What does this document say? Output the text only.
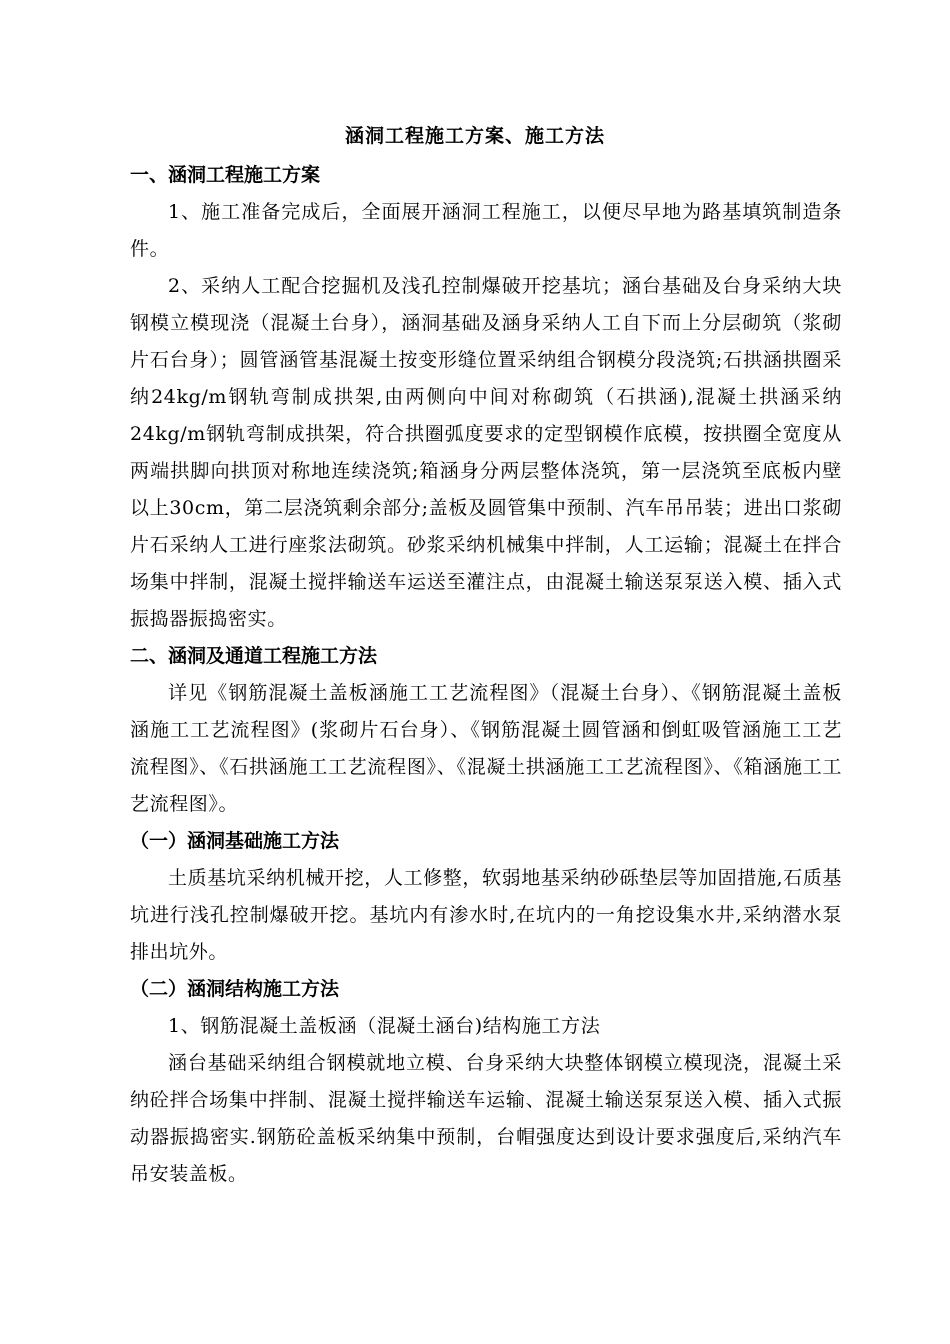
涵洞工程施工方案、施工方法
一、涵洞工程施工方案

1、施工准备完成后，全面展开涵洞工程施工，以便尽早地为路基填筑制造条件。

2、采纳人工配合挖掘机及浅孔控制爆破开挖基坑；涵台基础及台身采纳大块钢模立模现浇（混凝土台身），涵洞基础及涵身采纳人工自下而上分层砌筑（浆砌片石台身）；圆管涵管基混凝土按变形缝位置采纳组合钢模分段浇筑;石拱涵拱圈采纳24kg/m钢轨弯制成拱架,由两侧向中间对称砌筑（石拱涵),混凝土拱涵采纳24kg/m钢轨弯制成拱架，符合拱圈弧度要求的定型钢模作底模，按拱圈全宽度从两端拱脚向拱顶对称地连续浇筑;箱涵身分两层整体浇筑，第一层浇筑至底板内壁以上30cm，第二层浇筑剩余部分;盖板及圆管集中预制、汽车吊吊装；进出口浆砌片石采纳人工进行座浆法砌筑。砂浆采纳机械集中拌制，人工运输；混凝土在拌合场集中拌制，混凝土搅拌输送车运送至灌注点，由混凝土输送泵泵送入模、插入式振捣器振捣密实。

二、涵洞及通道工程施工方法

详见《钢筋混凝土盖板涵施工工艺流程图》（混凝土台身）、《钢筋混凝土盖板涵施工工艺流程图》(浆砌片石台身）、《钢筋混凝土圆管涵和倒虹吸管涵施工工艺流程图》、《石拱涵施工工艺流程图》、《混凝土拱涵施工工艺流程图》、《箱涵施工工艺流程图》。

（一）涵洞基础施工方法

土质基坑采纳机械开挖，人工修整，软弱地基采纳砂砾垫层等加固措施,石质基坑进行浅孔控制爆破开挖。基坑内有渗水时,在坑内的一角挖设集水井,采纳潜水泵排出坑外。

（二）涵洞结构施工方法

1、钢筋混凝土盖板涵（混凝土涵台)结构施工方法

涵台基础采纳组合钢模就地立模、台身采纳大块整体钢模立模现浇，混凝土采纳砼拌合场集中拌制、混凝土搅拌输送车运输、混凝土输送泵泵送入模、插入式振动器振捣密实.钢筋砼盖板采纳集中预制，台帽强度达到设计要求强度后,采纳汽车吊安装盖板。
